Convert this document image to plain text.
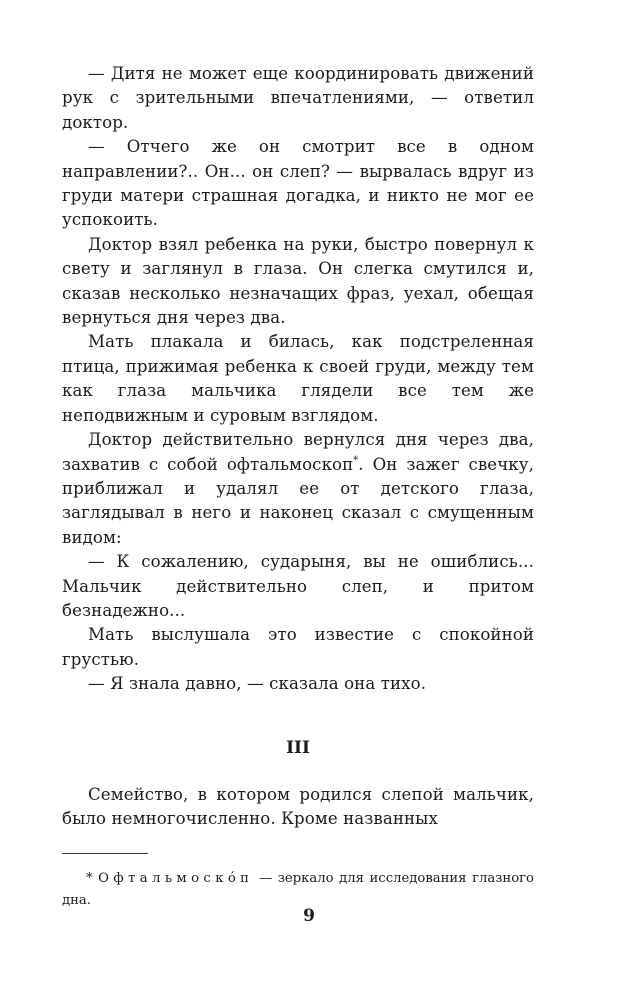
— Дитя не может еще координировать движений рук с зрительными впечатлениями, — ответил доктор.

— Отчего же он смотрит все в одном направлении?.. Он... он слеп? — вырвалась вдруг из груди матери страшная догадка, и никто не мог ее успокоить.

Доктор взял ребенка на руки, быстро повернул к свету и заглянул в глаза. Он слегка смутился и, сказав несколько незначащих фраз, уехал, обещая вернуться дня через два.

Мать плакала и билась, как подстреленная птица, прижимая ребенка к своей груди, между тем как глаза мальчика глядели все тем же неподвижным и суровым взглядом.

Доктор действительно вернулся дня через два, захватив с собой офтальмоскоп*. Он зажег свечку, приближал и удалял ее от детского глаза, заглядывал в него и наконец сказал с смущенным видом:

— К сожалению, сударыня, вы не ошиблись... Мальчик действительно слеп, и притом безнадежно...

Мать выслушала это известие с спокойной грустью.

— Я знала давно, — сказала она тихо.

III

Семейство, в котором родился слепой мальчик, было немногочисленно. Кроме названных

* Офтальмоскóп — зеркало для исследования глазного дна.

9
